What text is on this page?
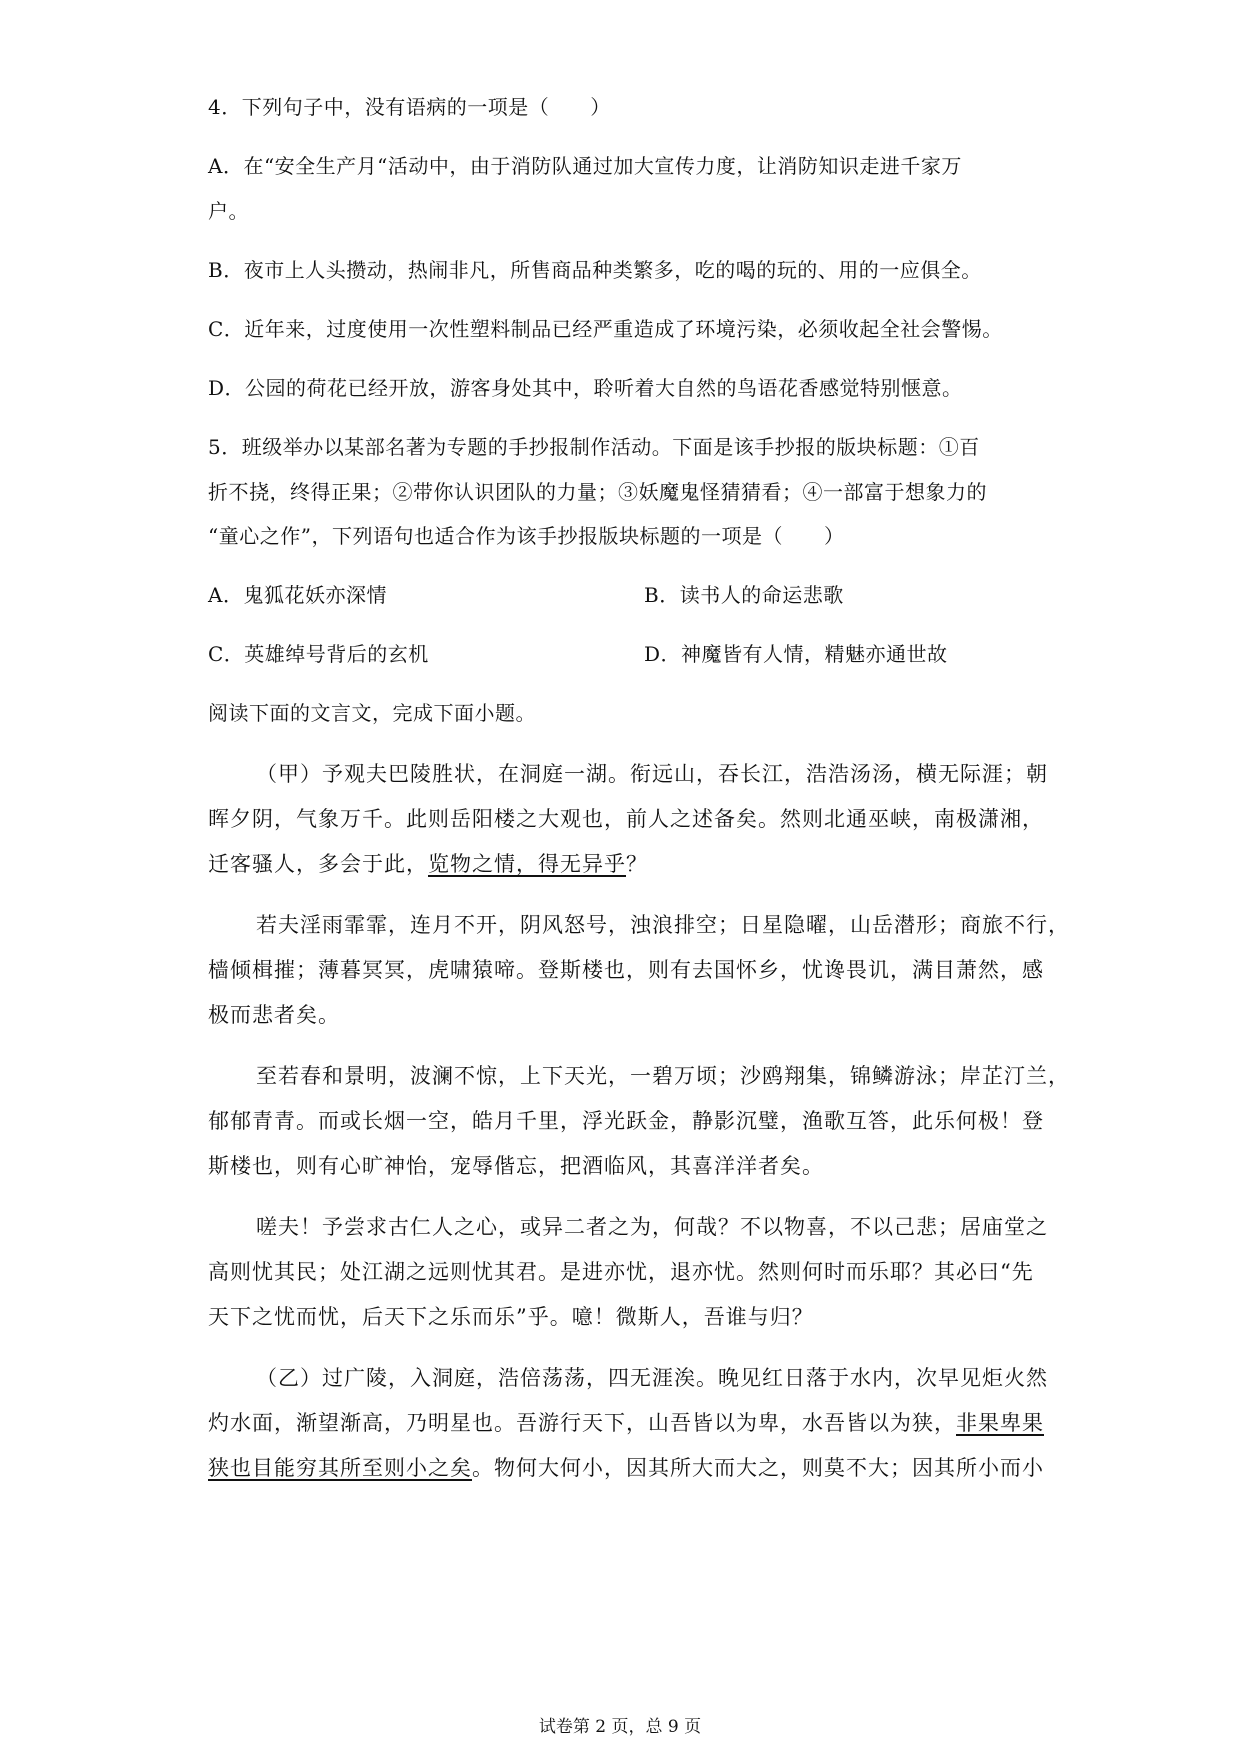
4．下列句子中，没有语病的一项是（　　）
A．在“安全生产月“活动中，由于消防队通过加大宣传力度，让消防知识走进千家万
户。
B．夜市上人头攒动，热闹非凡，所售商品种类繁多，吃的喝的玩的、用的一应俱全。
C．近年来，过度使用一次性塑料制品已经严重造成了环境污染，必须收起全社会警惕。
D．公园的荷花已经开放，游客身处其中，聆听着大自然的鸟语花香感觉特别惬意。
5．班级举办以某部名著为专题的手抄报制作活动。下面是该手抄报的版块标题：①百
折不挠，终得正果；②带你认识团队的力量；③妖魔鬼怪猜猜看；④一部富于想象力的
“童心之作”，下列语句也适合作为该手抄报版块标题的一项是（　　）
A．鬼狐花妖亦深情	B．读书人的命运悲歌
C．英雄绰号背后的玄机	D．神魔皆有人情，精魅亦通世故
阅读下面的文言文，完成下面小题。
（甲）予观夫巴陵胜状，在洞庭一湖。衔远山，吞长江，浩浩汤汤，横无际涯；朝
晖夕阴，气象万千。此则岳阳楼之大观也，前人之述备矣。然则北通巫峡，南极潇湘，
迁客骚人，多会于此，览物之情，得无异乎？
若夫淫雨霏霏，连月不开，阴风怒号，浊浪排空；日星隐曜，山岳潜形；商旅不行，
樯倾楫摧；薄暮冥冥，虎啸猿啼。登斯楼也，则有去国怀乡，忧谗畏讥，满目萧然，感
极而悲者矣。
至若春和景明，波澜不惊，上下天光，一碧万顷；沙鸥翔集，锦鳞游泳；岸芷汀兰，
郁郁青青。而或长烟一空，皓月千里，浮光跃金，静影沉璧，渔歌互答，此乐何极！登
斯楼也，则有心旷神怡，宠辱偕忘，把酒临风，其喜洋洋者矣。
嗟夫！予尝求古仁人之心，或异二者之为，何哉？不以物喜，不以己悲；居庙堂之
高则忧其民；处江湖之远则忧其君。是进亦忧，退亦忧。然则何时而乐耶？其必曰“先
天下之忧而忧，后天下之乐而乐”乎。噫！微斯人，吾谁与归？
（乙）过广陵，入洞庭，浩倍荡荡，四无涯涘。晚见红日落于水内，次早见炬火然
灼水面，渐望渐高，乃明星也。吾游行天下，山吾皆以为卑，水吾皆以为狭，非果卑果
狭也目能穷其所至则小之矣。物何大何小，因其所大而大之，则莫不大；因其所小而小
试卷第 2 页，总 9 页
